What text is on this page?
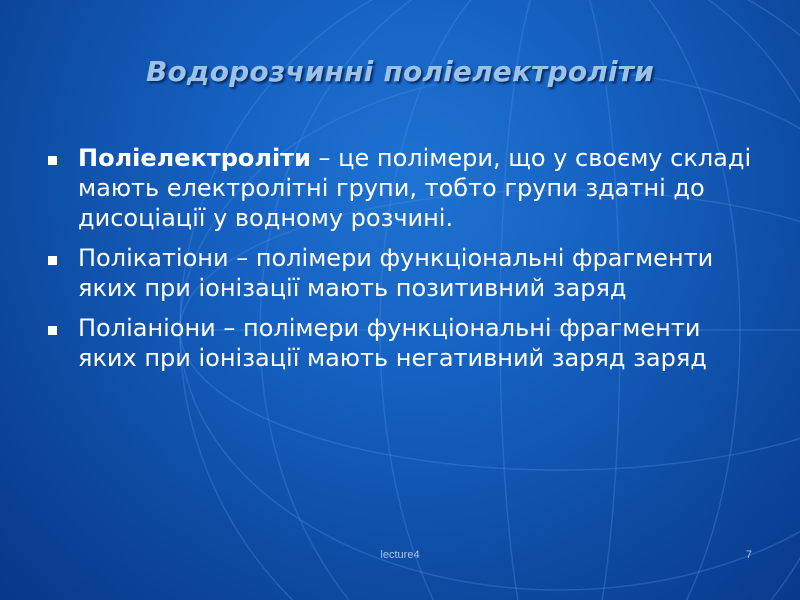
Водорозчинні поліелектроліти
Поліелектроліти – це полімери, що у своєму складі мають електролітні групи, тобто групи здатні до дисоціації у водному розчині.
Полікатіони – полімери функціональні фрагменти яких при іонізації мають позитивний заряд
Поліаніони – полімери функціональні фрагменти яких при іонізації мають негативний заряд заряд
lecture4	7
